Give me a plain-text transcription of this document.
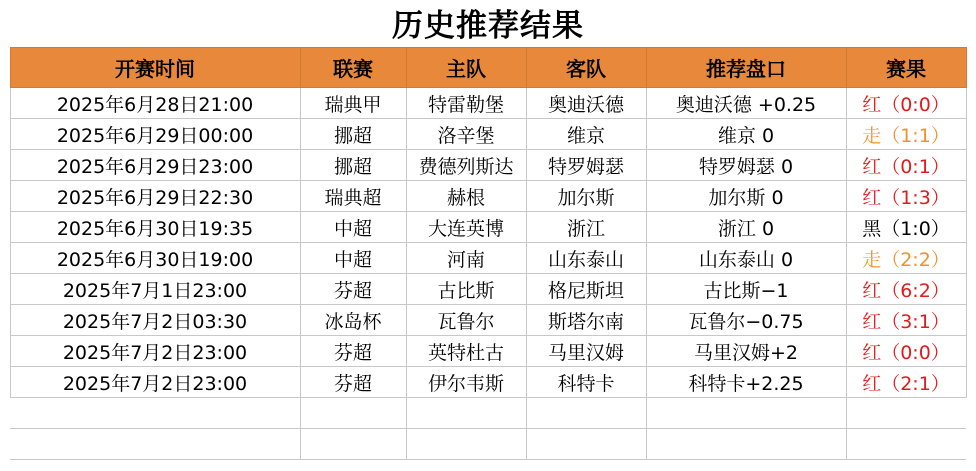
历史推荐结果
开赛时间	联赛	主队	客队	推荐盘口	赛果
2025年6月28日21:00	瑞典甲	特雷勒堡	奥迪沃德	奥迪沃德 +0.25	红（0:0）
2025年6月29日00:00	挪超	洛辛堡	维京	维京 0	走（1:1）
2025年6月29日23:00	挪超	费德列斯达	特罗姆瑟	特罗姆瑟 0	红（0:1）
2025年6月29日22:30	瑞典超	赫根	加尔斯	加尔斯 0	红（1:3）
2025年6月30日19:35	中超	大连英博	浙江	浙江 0	黑（1:0）
2025年6月30日19:00	中超	河南	山东泰山	山东泰山 0	走（2:2）
2025年7月1日23:00	芬超	古比斯	格尼斯坦	古比斯−1	红（6:2）
2025年7月2日03:30	冰岛杯	瓦鲁尔	斯塔尔南	瓦鲁尔−0.75	红（3:1）
2025年7月2日23:00	芬超	英特杜古	马里汉姆	马里汉姆+2	红（0:0）
2025年7月2日23:00	芬超	伊尔韦斯	科特卡	科特卡+2.25	红（2:1）
